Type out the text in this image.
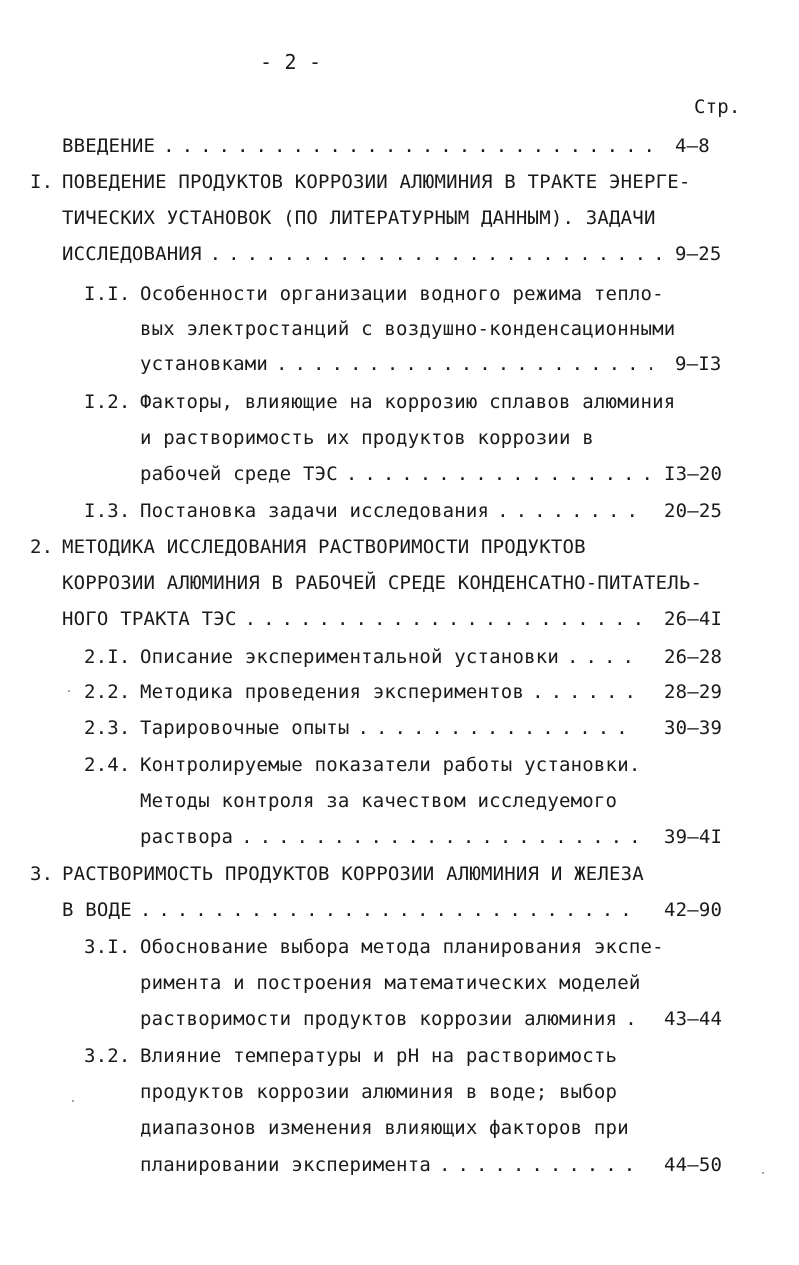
- 2 -
Стр.
ВВЕДЕНИЕ . . .	4–8
I. ПОВЕДЕНИЕ ПРОДУКТОВ КОРРОЗИИ АЛЮМИНИЯ В ТРАКТЕ ЭНЕРГЕ-
ТИЧЕСКИХ УСТАНОВОК (ПО ЛИТЕРАТУРНЫМ ДАННЫМ). ЗАДАЧИ
ИССЛЕДОВАНИЯ . . .	9–25
I.I. Особенности организации водного режима тепло-
вых электростанций с воздушно-конденсационными
установками . . .	9–I3
I.2. Факторы, влияющие на коррозию сплавов алюминия
и растворимость их продуктов коррозии в
рабочей среде ТЭС . . .	I3–20
I.3. Постановка задачи исследования . . .	20–25
2. МЕТОДИКА ИССЛЕДОВАНИЯ РАСТВОРИМОСТИ ПРОДУКТОВ
КОРРОЗИИ АЛЮМИНИЯ В РАБОЧЕЙ СРЕДЕ КОНДЕНСАТНО-ПИТАТЕЛЬ-
НОГО ТРАКТА ТЭС . . .	26–4I
2.I. Описание экспериментальной установки . . .	26–28
2.2. Методика проведения экспериментов . . .	28–29
2.3. Тарировочные опыты . . .	30–39
2.4. Контролируемые показатели работы установки.
Методы контроля за качеством исследуемого
раствора . . .	39–4I
3. РАСТВОРИМОСТЬ ПРОДУКТОВ КОРРОЗИИ АЛЮМИНИЯ И ЖЕЛЕЗА
В ВОДЕ . . .	42–90
3.I. Обоснование выбора метода планирования экспе-
римента и построения математических моделей
растворимости продуктов коррозии алюминия . . . 43–44
3.2. Влияние температуры и pH на растворимость
продуктов коррозии алюминия в воде; выбор
диапазонов изменения влияющих факторов при
планировании эксперимента . . .	44–50
